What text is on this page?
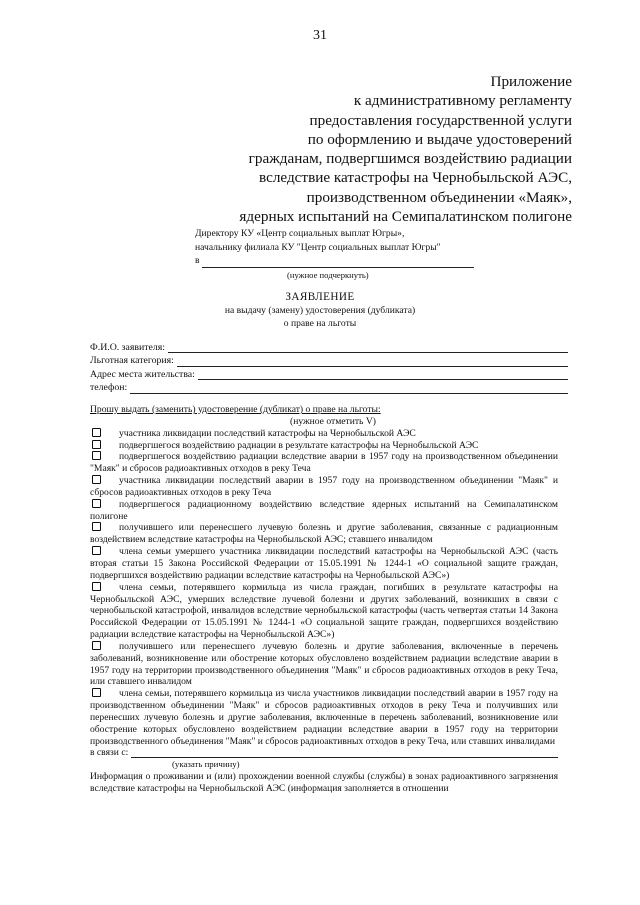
31
Приложение
к административному регламенту
предоставления государственной услуги
по оформлению и выдаче удостоверений
гражданам, подвергшимся воздействию радиации
вследствие катастрофы на Чернобыльской АЭС,
производственном объединении «Маяк»,
ядерных испытаний на Семипалатинском полигоне
Директору КУ «Центр социальных выплат Югры»,
начальнику филиала КУ "Центр социальных выплат Югры"
в
(нужное подчеркнуть)
ЗАЯВЛЕНИЕ
на выдачу (замену) удостоверения (дубликата)
о праве на льготы
Ф.И.О. заявителя:
Льготная категория:
Адрес места жительства:
телефон:
Прошу выдать (заменить) удостоверение (дубликат) о праве на льготы:
(нужное отметить V)
участника ликвидации последствий катастрофы на Чернобыльской АЭС
подвергшегося воздействию радиации в результате катастрофы на Чернобыльской АЭС
подвергшегося воздействию радиации вследствие аварии в 1957 году на производственном объединении "Маяк" и сбросов радиоактивных отходов в реку Теча
участника ликвидации последствий аварии в 1957 году на производственном объединении "Маяк" и сбросов радиоактивных отходов в реку Теча
подвергшегося радиационному воздействию вследствие ядерных испытаний на Семипалатинском полигоне
получившего или перенесшего лучевую болезнь и другие заболевания, связанные с радиационным воздействием вследствие катастрофы на Чернобыльской АЭС; ставшего инвалидом
члена семьи умершего участника ликвидации последствий катастрофы на Чернобыльской АЭС (часть вторая статьи 15 Закона Российской Федерации от 15.05.1991 № 1244-1 «О социальной защите граждан, подвергшихся воздействию радиации вследствие катастрофы на Чернобыльской АЭС»)
члена семьи, потерявшего кормильца из числа граждан, погибших в результате катастрофы на Чернобыльской АЭС, умерших вследствие лучевой болезни и других заболеваний, возникших в связи с чернобыльской катастрофой, инвалидов вследствие чернобыльской катастрофы (часть четвертая статьи 14 Закона Российской Федерации от 15.05.1991 № 1244-1 «О социальной защите граждан, подвергшихся воздействию радиации вследствие катастрофы на Чернобыльской АЭС»)
получившего или перенесшего лучевую болезнь и другие заболевания, включенные в перечень заболеваний, возникновение или обострение которых обусловлено воздействием радиации вследствие аварии в 1957 году на территории производственного объединения "Маяк" и сбросов радиоактивных отходов в реку Теча, или ставшего инвалидом
члена семьи, потерявшего кормильца из числа участников ликвидации последствий аварии в 1957 году на производственном объединении "Маяк" и сбросов радиоактивных отходов в реку Теча и получивших или перенесших лучевую болезнь и другие заболевания, включенные в перечень заболеваний, возникновение или обострение которых обусловлено воздействием радиации вследствие аварии в 1957 году на территории производственного объединения "Маяк" и сбросов радиоактивных отходов в реку Теча, или ставших инвалидами
в связи с:
(указать причину)
Информация о проживании и (или) прохождении военной службы (службы) в зонах радиоактивного загрязнения вследствие катастрофы на Чернобыльской АЭС (информация заполняется в отношении
